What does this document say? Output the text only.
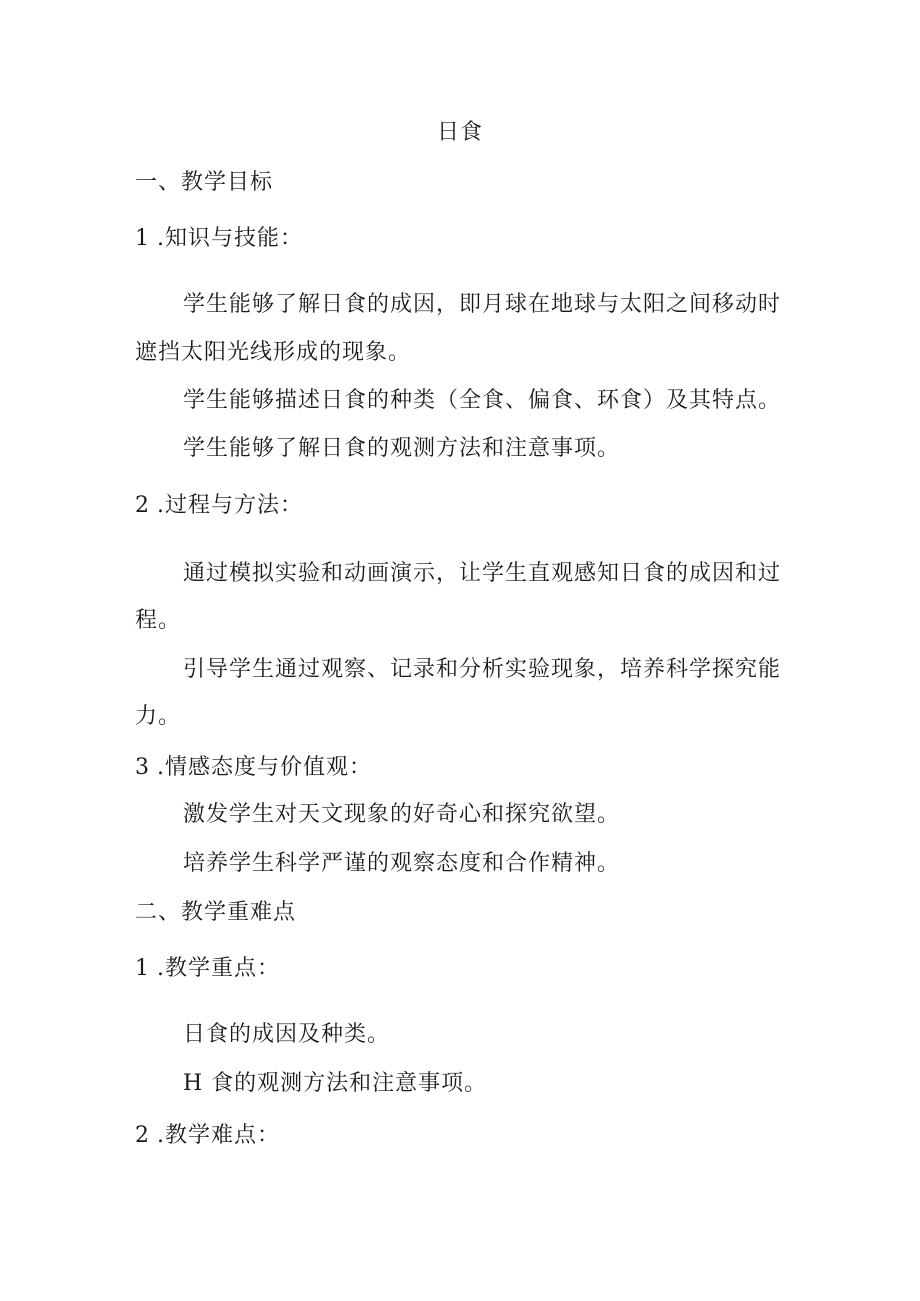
日食
一、教学目标
1 .知识与技能：
学生能够了解日食的成因，即月球在地球与太阳之间移动时
遮挡太阳光线形成的现象。
学生能够描述日食的种类（全食、偏食、环食）及其特点。
学生能够了解日食的观测方法和注意事项。
2 .过程与方法：
通过模拟实验和动画演示，让学生直观感知日食的成因和过
程。
引导学生通过观察、记录和分析实验现象，培养科学探究能
力。
3 .情感态度与价值观：
激发学生对天文现象的好奇心和探究欲望。
培养学生科学严谨的观察态度和合作精神。
二、教学重难点
1 .教学重点：
日食的成因及种类。
H 食的观测方法和注意事项。
2 .教学难点：
